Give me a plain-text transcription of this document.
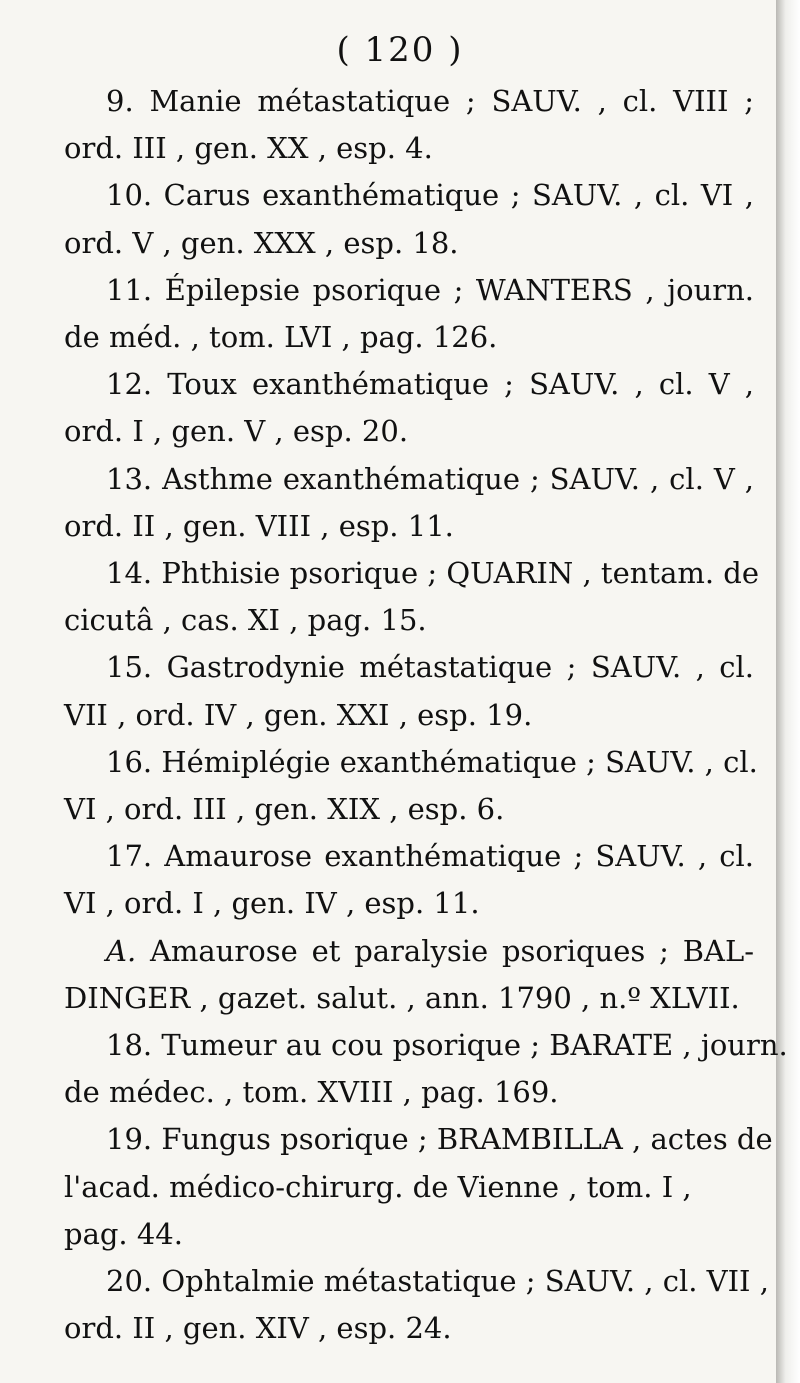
( 120 )

9. Manie métastatique ; SAUV. , cl. VIII ;
ord. III , gen. XX , esp. 4.

10. Carus exanthématique ; SAUV. , cl. VI ,
ord. V , gen. XXX , esp. 18.

11. Épilepsie psorique ; WANTERS , journ.
de méd. , tom. LVI , pag. 126.

12. Toux exanthématique ; SAUV. , cl. V ,
ord. I , gen. V , esp. 20.

13. Asthme exanthématique ; SAUV. , cl. V ,
ord. II , gen. VIII , esp. 11.

14. Phthisie psorique ; QUARIN , tentam. de
cicutâ , cas. XI , pag. 15.

15. Gastrodynie métastatique ; SAUV. , cl.
VII , ord. IV , gen. XXI , esp. 19.

16. Hémiplégie exanthématique ; SAUV. , cl.
VI , ord. III , gen. XIX , esp. 6.

17. Amaurose exanthématique ; SAUV. , cl.
VI , ord. I , gen. IV , esp. 11.

A. Amaurose et paralysie psoriques ; BAL-
DINGER , gazet. salut. , ann. 1790 , n.º XLVII.

18. Tumeur au cou psorique ; BARATE , journ.
de médec. , tom. XVIII , pag. 169.

19. Fungus psorique ; BRAMBILLA , actes de
l'acad. médico-chirurg. de Vienne , tom. I ,
pag. 44.

20. Ophtalmie métastatique ; SAUV. , cl. VII ,
ord. II , gen. XIV , esp. 24.
